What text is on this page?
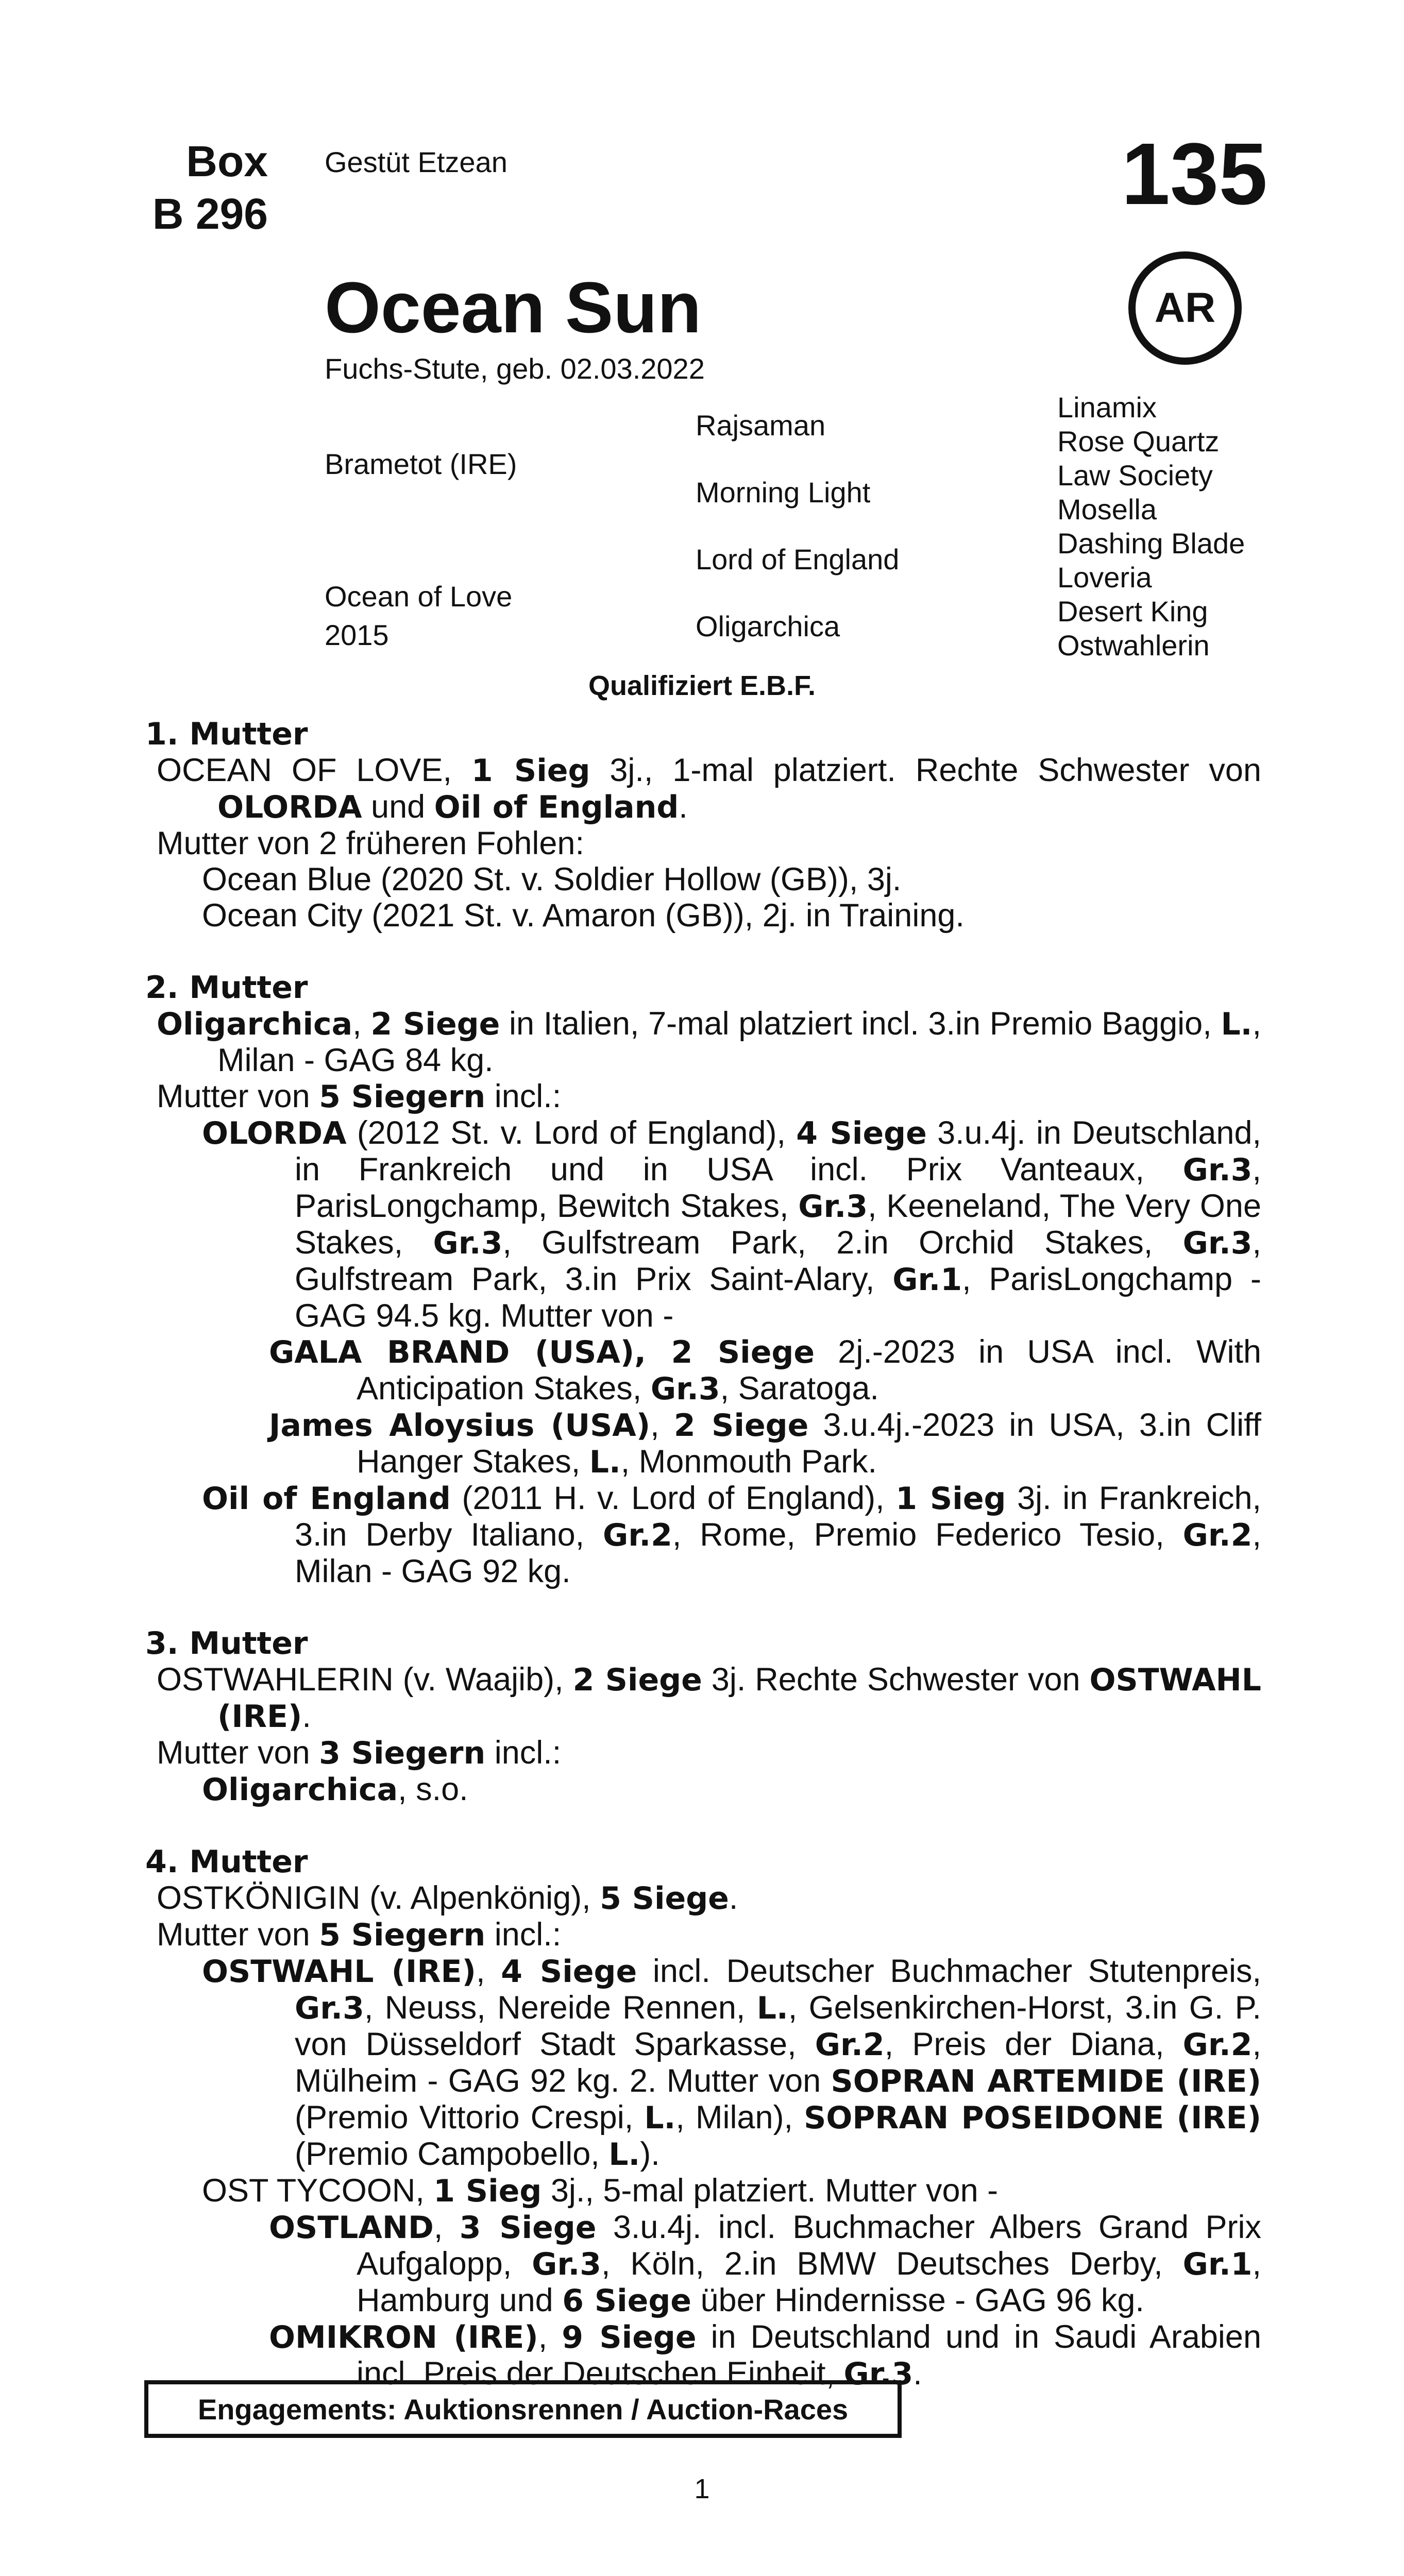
Box
B 296
Gestüt Etzean	135
AR
Ocean Sun
Fuchs-Stute, geb. 02.03.2022
Brametot (IRE)
Ocean of Love
2015
Rajsaman
Morning Light
Lord of England
Oligarchica
Linamix
Rose Quartz
Law Society
Mosella
Dashing Blade
Loveria
Desert King
Ostwahlerin
Qualifiziert E.B.F.
1. Mutter
OCEAN OF LOVE, 1 Sieg 3j., 1-mal platziert. Rechte Schwester von OLORDA und Oil of England.
Mutter von 2 früheren Fohlen:
Ocean Blue (2020 St. v. Soldier Hollow (GB)), 3j.
Ocean City (2021 St. v. Amaron (GB)), 2j. in Training.
2. Mutter
Oligarchica, 2 Siege in Italien, 7-mal platziert incl. 3.in Premio Baggio, L., Milan - GAG 84 kg.
Mutter von 5 Siegern incl.:
OLORDA (2012 St. v. Lord of England), 4 Siege 3.u.4j. in Deutschland, in Frankreich und in USA incl. Prix Vanteaux, Gr.3, ParisLongchamp, Bewitch Stakes, Gr.3, Keeneland, The Very One Stakes, Gr.3, Gulfstream Park, 2.in Orchid Stakes, Gr.3, Gulfstream Park, 3.in Prix Saint-Alary, Gr.1, ParisLongchamp - GAG 94.5 kg. Mutter von -
GALA BRAND (USA), 2 Siege 2j.-2023 in USA incl. With Anticipation Stakes, Gr.3, Saratoga.
James Aloysius (USA), 2 Siege 3.u.4j.-2023 in USA, 3.in Cliff Hanger Stakes, L., Monmouth Park.
Oil of England (2011 H. v. Lord of England), 1 Sieg 3j. in Frankreich, 3.in Derby Italiano, Gr.2, Rome, Premio Federico Tesio, Gr.2, Milan - GAG 92 kg.
3. Mutter
OSTWAHLERIN (v. Waajib), 2 Siege 3j. Rechte Schwester von OSTWAHL (IRE).
Mutter von 3 Siegern incl.:
Oligarchica, s.o.
4. Mutter
OSTKÖNIGIN (v. Alpenkönig), 5 Siege.
Mutter von 5 Siegern incl.:
OSTWAHL (IRE), 4 Siege incl. Deutscher Buchmacher Stutenpreis, Gr.3, Neuss, Nereide Rennen, L., Gelsenkirchen-Horst, 3.in G. P. von Düsseldorf Stadt Sparkasse, Gr.2, Preis der Diana, Gr.2, Mülheim - GAG 92 kg. 2. Mutter von SOPRAN ARTEMIDE (IRE) (Premio Vittorio Crespi, L., Milan), SOPRAN POSEIDONE (IRE) (Premio Campobello, L.).
OST TYCOON, 1 Sieg 3j., 5-mal platziert. Mutter von -
OSTLAND, 3 Siege 3.u.4j. incl. Buchmacher Albers Grand Prix Aufgalopp, Gr.3, Köln, 2.in BMW Deutsches Derby, Gr.1, Hamburg und 6 Siege über Hindernisse - GAG 96 kg.
OMIKRON (IRE), 9 Siege in Deutschland und in Saudi Arabien incl. Preis der Deutschen Einheit, Gr.3.
Engagements: Auktionsrennen / Auction-Races
1
